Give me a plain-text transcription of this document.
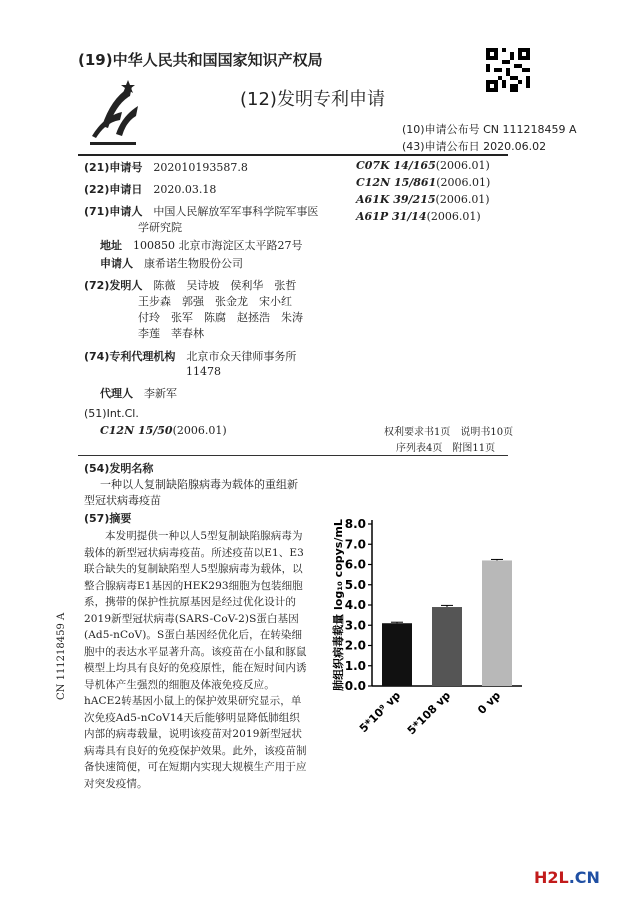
(19)中华人民共和国国家知识产权局
(12)发明专利申请
(10)申请公布号 CN 111218459 A
(43)申请公布日 2020.06.02
(21)申请号　 202010193587.8
(22)申请日　 2020.03.18
(71)申请人　 中国人民解放军军事科学院军事医
学研究院
地址　 100850 北京市海淀区太平路27号
申请人　 康希诺生物股份公司
(72)发明人　 陈薇　吴诗坡　侯利华　张哲
王步森　郭强　张金龙　宋小红
付玲　张军　陈腐　赵拯浩　朱涛
李莲　莘春林
(74)专利代理机构　 北京市众天律师事务所
11478
代理人　 李新军
(51)Int.Cl.
C12N 15/50(2006.01)
C07K 14/165(2006.01)
C12N 15/861(2006.01)
A61K 39/215(2006.01)
A61P 31/14(2006.01)
权利要求书1页　说明书10页
序列表4页　附图11页
(54)发明名称
一种以人复制缺陷腺病毒为载体的重组新
型冠状病毒疫苗
(57)摘要
本发明提供一种以人5型复制缺陷腺病毒为载体的新型冠状病毒疫苗。所述疫苗以E1、E3联合缺失的复制缺陷型人5型腺病毒为载体，以整合腺病毒E1基因的HEK293细胞为包装细胞系，携带的保护性抗原基因是经过优化设计的2019新型冠状病毒(SARS-CoV-2)S蛋白基因(Ad5-nCoV)。S蛋白基因经优化后，在转染细胞中的表达水平显著升高。该疫苗在小鼠和豚鼠模型上均具有良好的免疫原性，能在短时间内诱导机体产生强烈的细胞及体液免疫反应。hACE2转基因小鼠上的保护效果研究显示，单次免疫Ad5-nCoV14天后能够明显降低肺组织内部的病毒载量，说明该疫苗对2019新型冠状病毒具有良好的免疫保护效果。此外，该疫苗制备快速简便，可在短期内实现大规模生产用于应对突发疫情。
CN 111218459 A	0.0
1.0
2.0
3.0
4.0
5.0
6.0
7.0
8.0
5*10⁹ vp 5*108 vp 0 vp
肺组织病毒载量 log₁₀ copys/mL
H2L.CN
